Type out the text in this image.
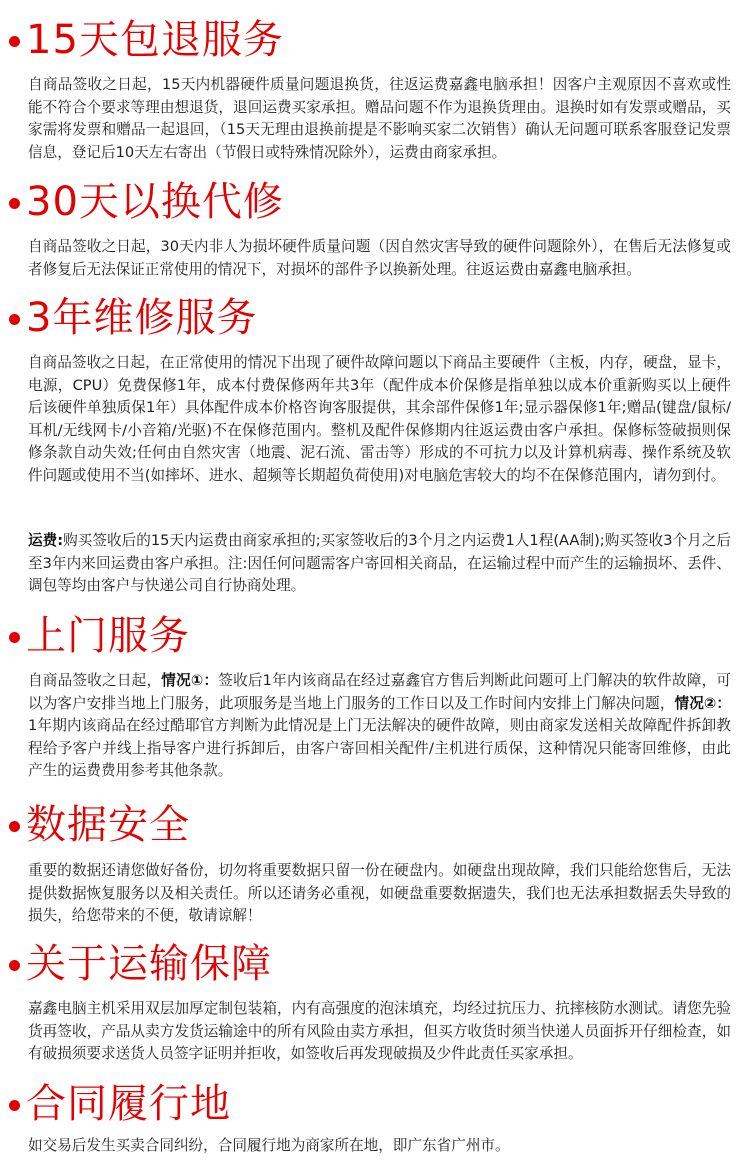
15天包退服务

自商品签收之日起，15天内机器硬件质量问题退换货，往返运费嘉鑫电脑承担！因客户主观原因不喜欢或性能不符合个要求等理由想退货，退回运费买家承担。赠品问题不作为退换货理由。退换时如有发票或赠品，买家需将发票和赠品一起退回，（15天无理由退换前提是不影响买家二次销售）确认无问题可联系客服登记发票信息，登记后10天左右寄出（节假日或特殊情况除外），运费由商家承担。

30天以换代修

自商品签收之日起，30天内非人为损坏硬件质量问题（因自然灾害导致的硬件问题除外），在售后无法修复或者修复后无法保证正常使用的情况下，对损坏的部件予以换新处理。往返运费由嘉鑫电脑承担。

3年维修服务

自商品签收之日起，在正常使用的情况下出现了硬件故障问题以下商品主要硬件（主板，内存，硬盘，显卡，电源，CPU）免费保修1年，成本付费保修两年共3年（配件成本价保修是指单独以成本价重新购买以上硬件后该硬件单独质保1年）具体配件成本价格咨询客服提供，其余部件保修1年;显示器保修1年;赠品(键盘/鼠标/耳机/无线网卡/小音箱/光驱)不在保修范围内。整机及配件保修期内往返运费由客户承担。保修标签破损则保修条款自动失效;任何由自然灾害（地震、泥石流、雷击等）形成的不可抗力以及计算机病毒、操作系统及软件问题或使用不当(如摔坏、进水、超频等长期超负荷使用)对电脑危害较大的均不在保修范围内，请勿到付。

运费:购买签收后的15天内运费由商家承担的;买家签收后的3个月之内运费1人1程(AA制);购买签收3个月之后至3年内来回运费由客户承担。注:因任何问题需客户寄回相关商品，在运输过程中而产生的运输损坏、丢件、调包等均由客户与快递公司自行协商处理。

上门服务

自商品签收之日起，情况①：签收后1年内该商品在经过嘉鑫官方售后判断此问题可上门解决的软件故障，可以为客户安排当地上门服务，此项服务是当地上门服务的工作日以及工作时间内安排上门解决问题，情况②：1年期内该商品在经过酷耶官方判断为此情况是上门无法解决的硬件故障，则由商家发送相关故障配件拆卸教程给予客户并线上指导客户进行拆卸后，由客户寄回相关配件/主机进行质保，这种情况只能寄回维修，由此产生的运费费用参考其他条款。

数据安全

重要的数据还请您做好备份，切勿将重要数据只留一份在硬盘内。如硬盘出现故障，我们只能给您售后，无法提供数据恢复服务以及相关责任。所以还请务必重视，如硬盘重要数据遗失，我们也无法承担数据丢失导致的损失，给您带来的不便，敬请谅解！

关于运输保障

嘉鑫电脑主机采用双层加厚定制包装箱，内有高强度的泡沫填充，均经过抗压力、抗摔核防水测试。请您先验货再签收，产品从卖方发货运输途中的所有风险由卖方承担，但买方收货时须当快递人员面拆开仔细检查，如有破损须要求送货人员签字证明并拒收，如签收后再发现破损及少件此责任买家承担。

合同履行地

如交易后发生买卖合同纠纷，合同履行地为商家所在地，即广东省广州市。
